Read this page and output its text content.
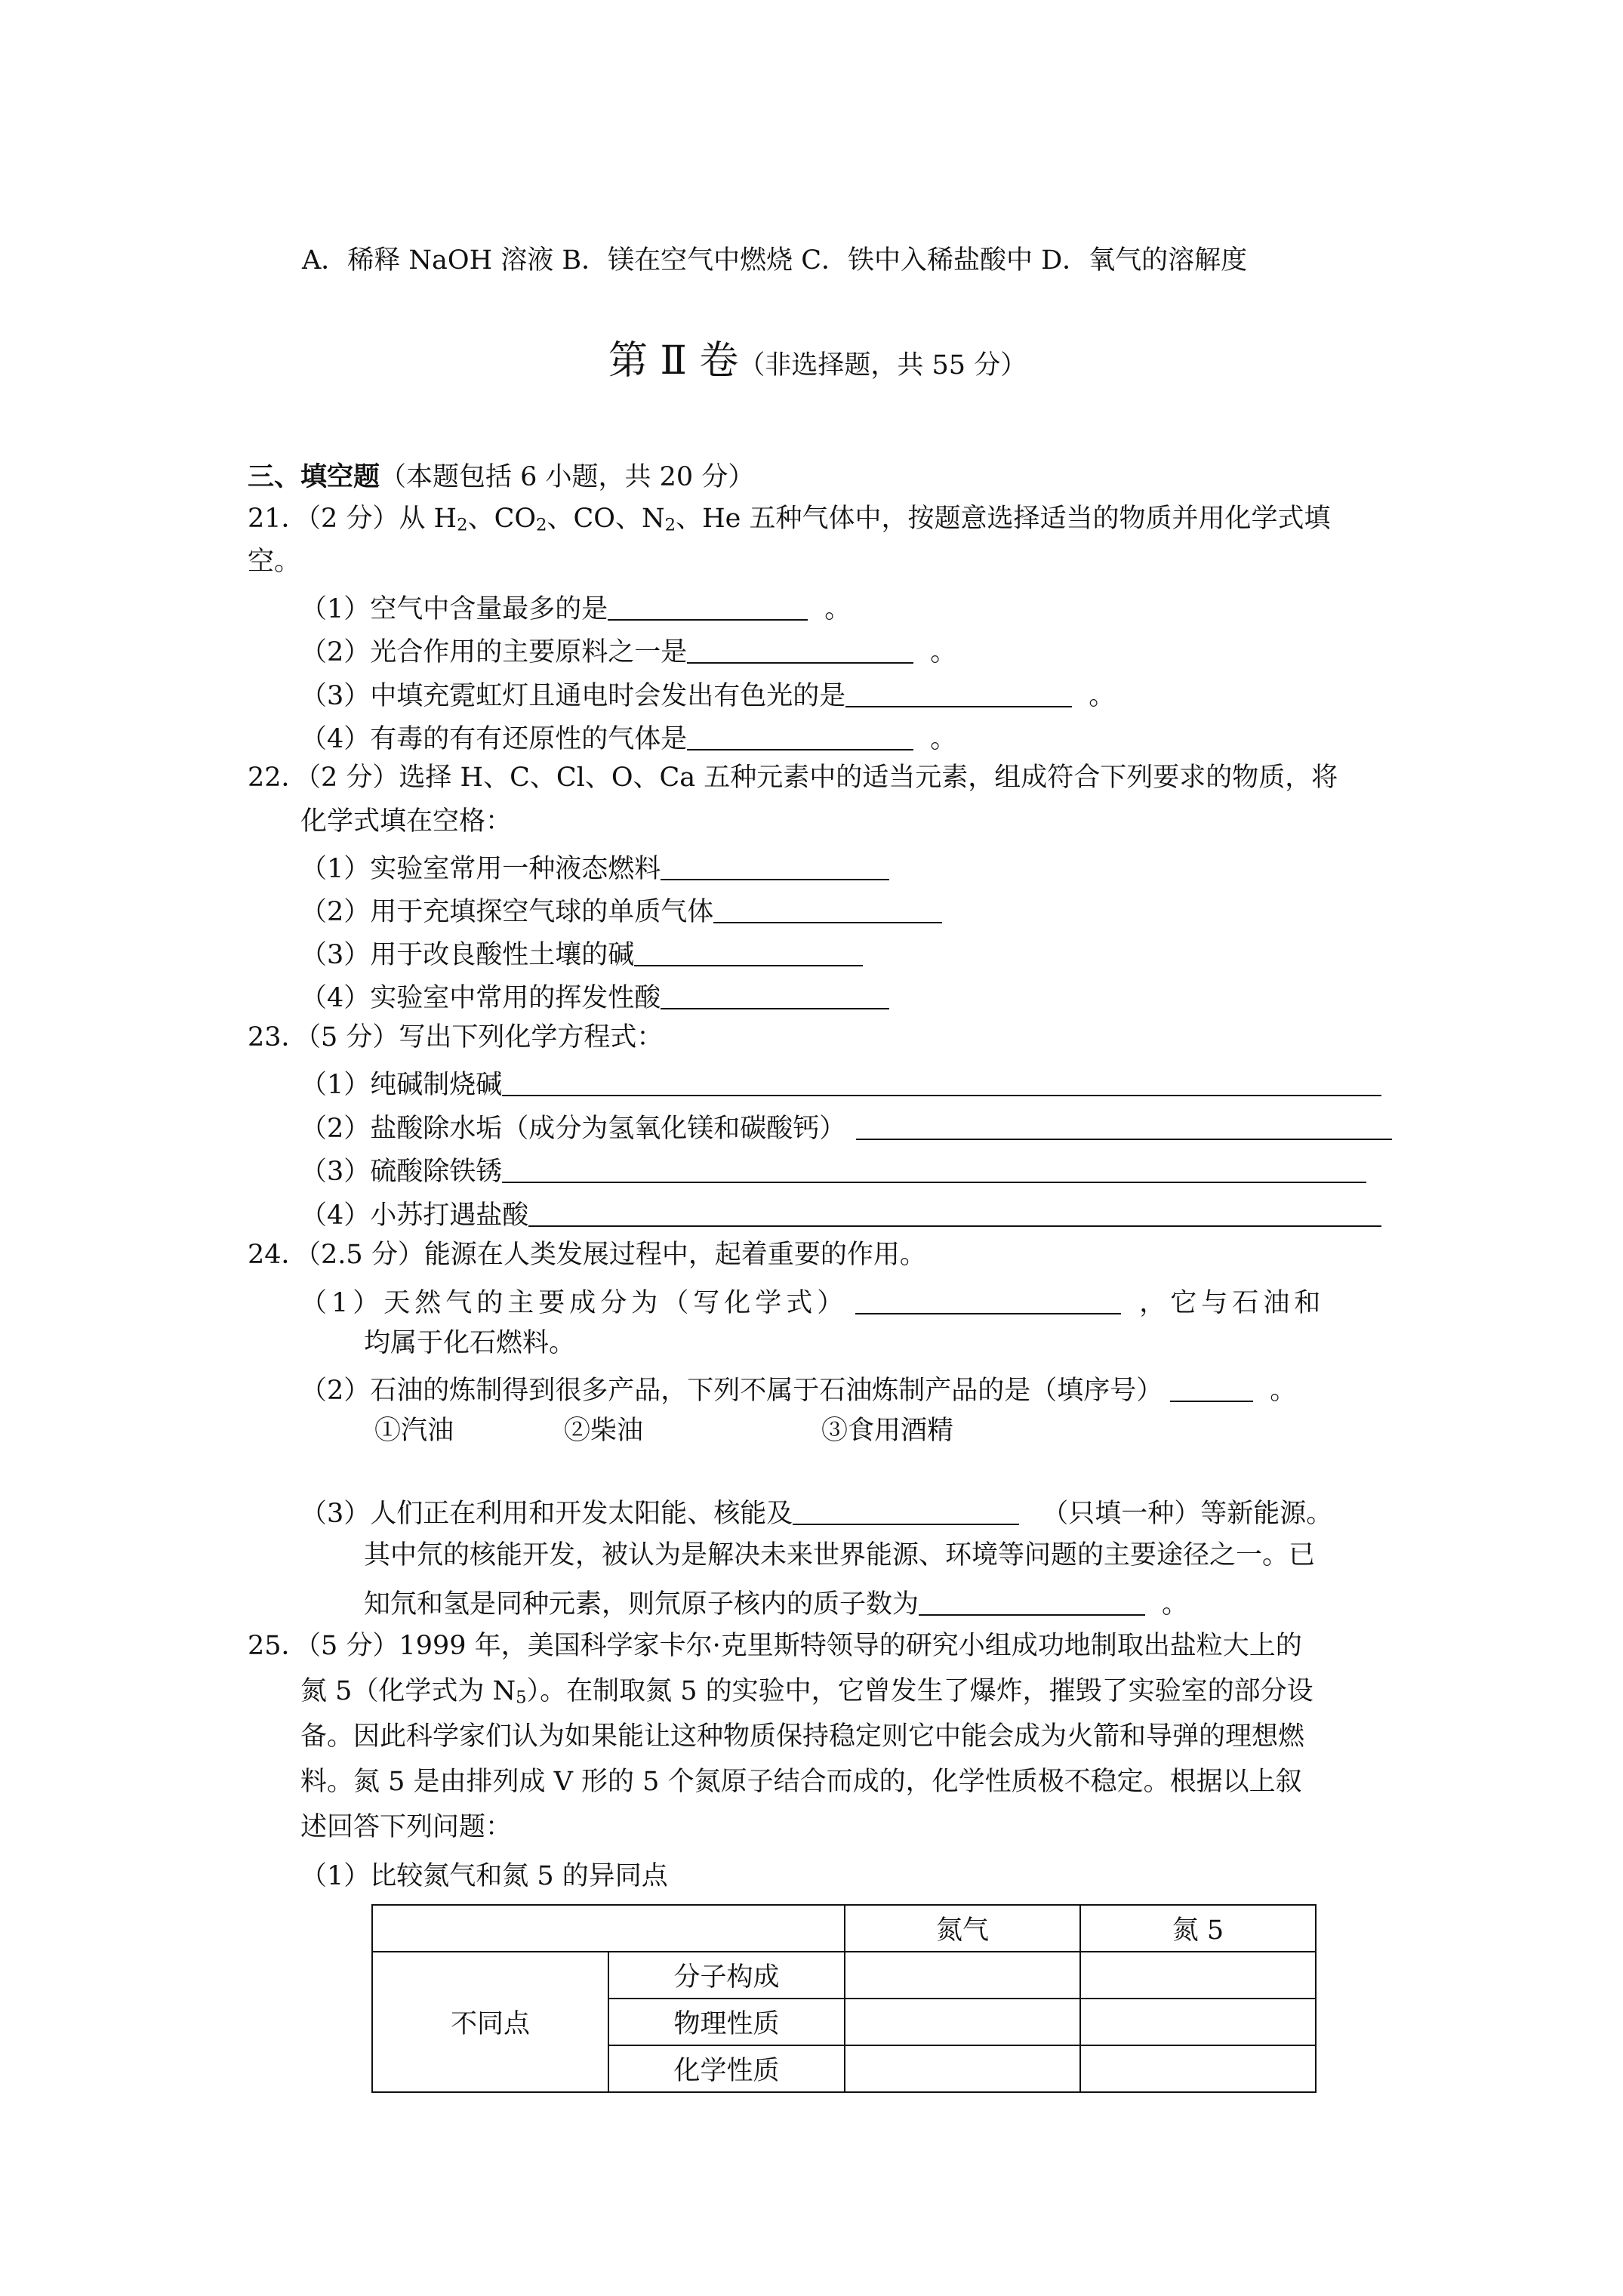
A．稀释 NaOH 溶液 B．镁在空气中燃烧 C．铁中入稀盐酸中 D．氧气的溶解度
第 Ⅱ 卷（非选择题，共 55 分）
三、填空题（本题包括 6 小题，共 20 分）
21．（2 分）从 $H_2$、$CO_2$、CO、$N_2$、He 五种气体中，按题意选择适当的物质并用化学式填
空。
（1）空气中含量最多的是	。
（2）光合作用的主要原料之一是	。
（3）中填充霓虹灯且通电时会发出有色光的是	。
（4）有毒的有有还原性的气体是	。
22．（2 分）选择 H、C、Cl、O、Ca 五种元素中的适当元素，组成符合下列要求的物质，将
化学式填在空格：
（1）实验室常用一种液态燃料
（2）用于充填探空气球的单质气体
（3）用于改良酸性土壤的碱
（4）实验室中常用的挥发性酸
23．（5 分）写出下列化学方程式：
（1）纯碱制烧碱
（2）盐酸除水垢（成分为氢氧化镁和碳酸钙）
（3）硫酸除铁锈
（4）小苏打遇盐酸
24．（2.5 分）能源在人类发展过程中，起着重要的作用。
（1）天然气的主要成分为（写化学式）	，它与石油和
均属于化石燃料。
（2）石油的炼制得到很多产品，下列不属于石油炼制产品的是（填序号）	。
①汽油	②柴油	③食用酒精
（3）人们正在利用和开发太阳能、核能及	（只填一种）等新能源。
其中氘的核能开发，被认为是解决未来世界能源、环境等问题的主要途径之一。已
知氘和氢是同种元素，则氘原子核内的质子数为	。
25．（5 分）1999 年，美国科学家卡尔·克里斯特领导的研究小组成功地制取出盐粒大上的
氮 5（化学式为 $N_5$）。在制取氮 5 的实验中，它曾发生了爆炸，摧毁了实验室的部分设
备。因此科学家们认为如果能让这种物质保持稳定则它中能会成为火箭和导弹的理想燃
料。氮 5 是由排列成 V 形的 5 个氮原子结合而成的，化学性质极不稳定。根据以上叙
述回答下列问题：
（1）比较氮气和氮 5 的异同点
		氮气	氮 5
不同点	分子构成		
	物理性质		
	化学性质		
